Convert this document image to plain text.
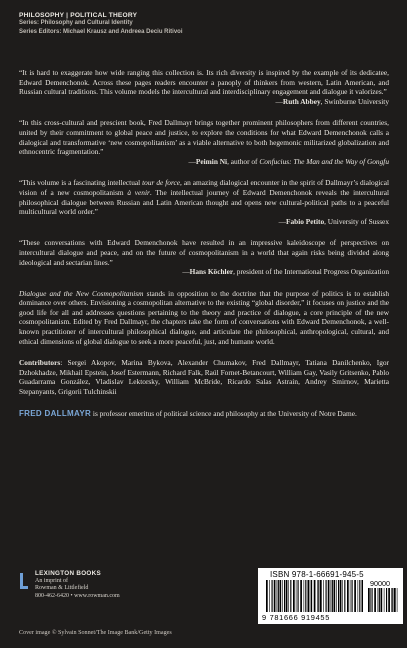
PHILOSOPHY | POLITICAL THEORY
Series: Philosophy and Cultural Identity
Series Editors: Michael Krausz and Andreea Deciu Ritivoi

“It is hard to exaggerate how wide ranging this collection is. Its rich diversity is inspired by the example of its dedicatee, Edward Demenchonok. Across these pages readers encounter a panoply of thinkers from western, Latin American, and Russian cultural traditions. This volume models the intercultural and interdisciplinary engagement and dialogue it valorizes.”

—Ruth Abbey, Swinburne University

“In this cross-cultural and prescient book, Fred Dallmayr brings together prominent philosophers from different countries, united by their commitment to global peace and justice, to explore the conditions for what Edward Demenchonok calls a dialogical and transformative ‘new cosmopolitanism’ as a viable alternative to both hegemonic militarized globalization and ethnocentric fragmentation.”

—Peimin Ni, author of Confucius: The Man and the Way of Gongfu

“This volume is a fascinating intellectual tour de force, an amazing dialogical encounter in the spirit of Dallmayr’s dialogical vision of a new cosmopolitanism à venir. The intellectual journey of Edward Demenchonok reveals the intercultural philosophical dialogue between Russian and Latin American thought and opens new cultural-political paths to a peaceful multicultural world order.”

—Fabio Petito, University of Sussex

“These conversations with Edward Demenchonok have resulted in an impressive kaleidoscope of perspectives on intercultural dialogue and peace, and on the future of cosmopolitanism in a world that again risks being divided along ideological and sectarian lines.”

—Hans Köchler, president of the International Progress Organization

Dialogue and the New Cosmopolitanism stands in opposition to the doctrine that the purpose of politics is to establish dominance over others. Envisioning a cosmopolitan alternative to the existing “global disorder,” it focuses on justice and the good life for all and addresses questions pertaining to the theory and practice of dialogue, a core principle of the new cosmopolitanism. Edited by Fred Dallmayr, the chapters take the form of conversations with Edward Demenchonok, a well-known practitioner of intercultural philosophical dialogue, and articulate the philosophical, anthropological, cultural, and ethical dimensions of global dialogue to seek a more peaceful, just, and humane world.

Contributors: Sergei Akopov, Marina Bykova, Alexander Chumakov, Fred Dallmayr, Tatiana Danilchenko, Igor Dzhokhadze, Mikhail Epstein, Josef Estermann, Richard Falk, Raúl Fornet-Betancourt, William Gay, Vasily Gritsenko, Pablo Guadarrama González, Vladislav Lektorsky, William McBride, Ricardo Salas Astrain, Andrey Smirnov, Marietta Stepanyants, Grigorii Tulchinskii

FRED DALLMAYR is professor emeritus of political science and philosophy at the University of Notre Dame.

LEXINGTON BOOKS
An imprint of
Rowman & Littlefield
800-462-6420 • www.rowman.com
ISBN 978-1-66691-945-5
90000
9 781666 919455
Cover image © Sylvain Sonnet/The Image Bank/Getty Images
